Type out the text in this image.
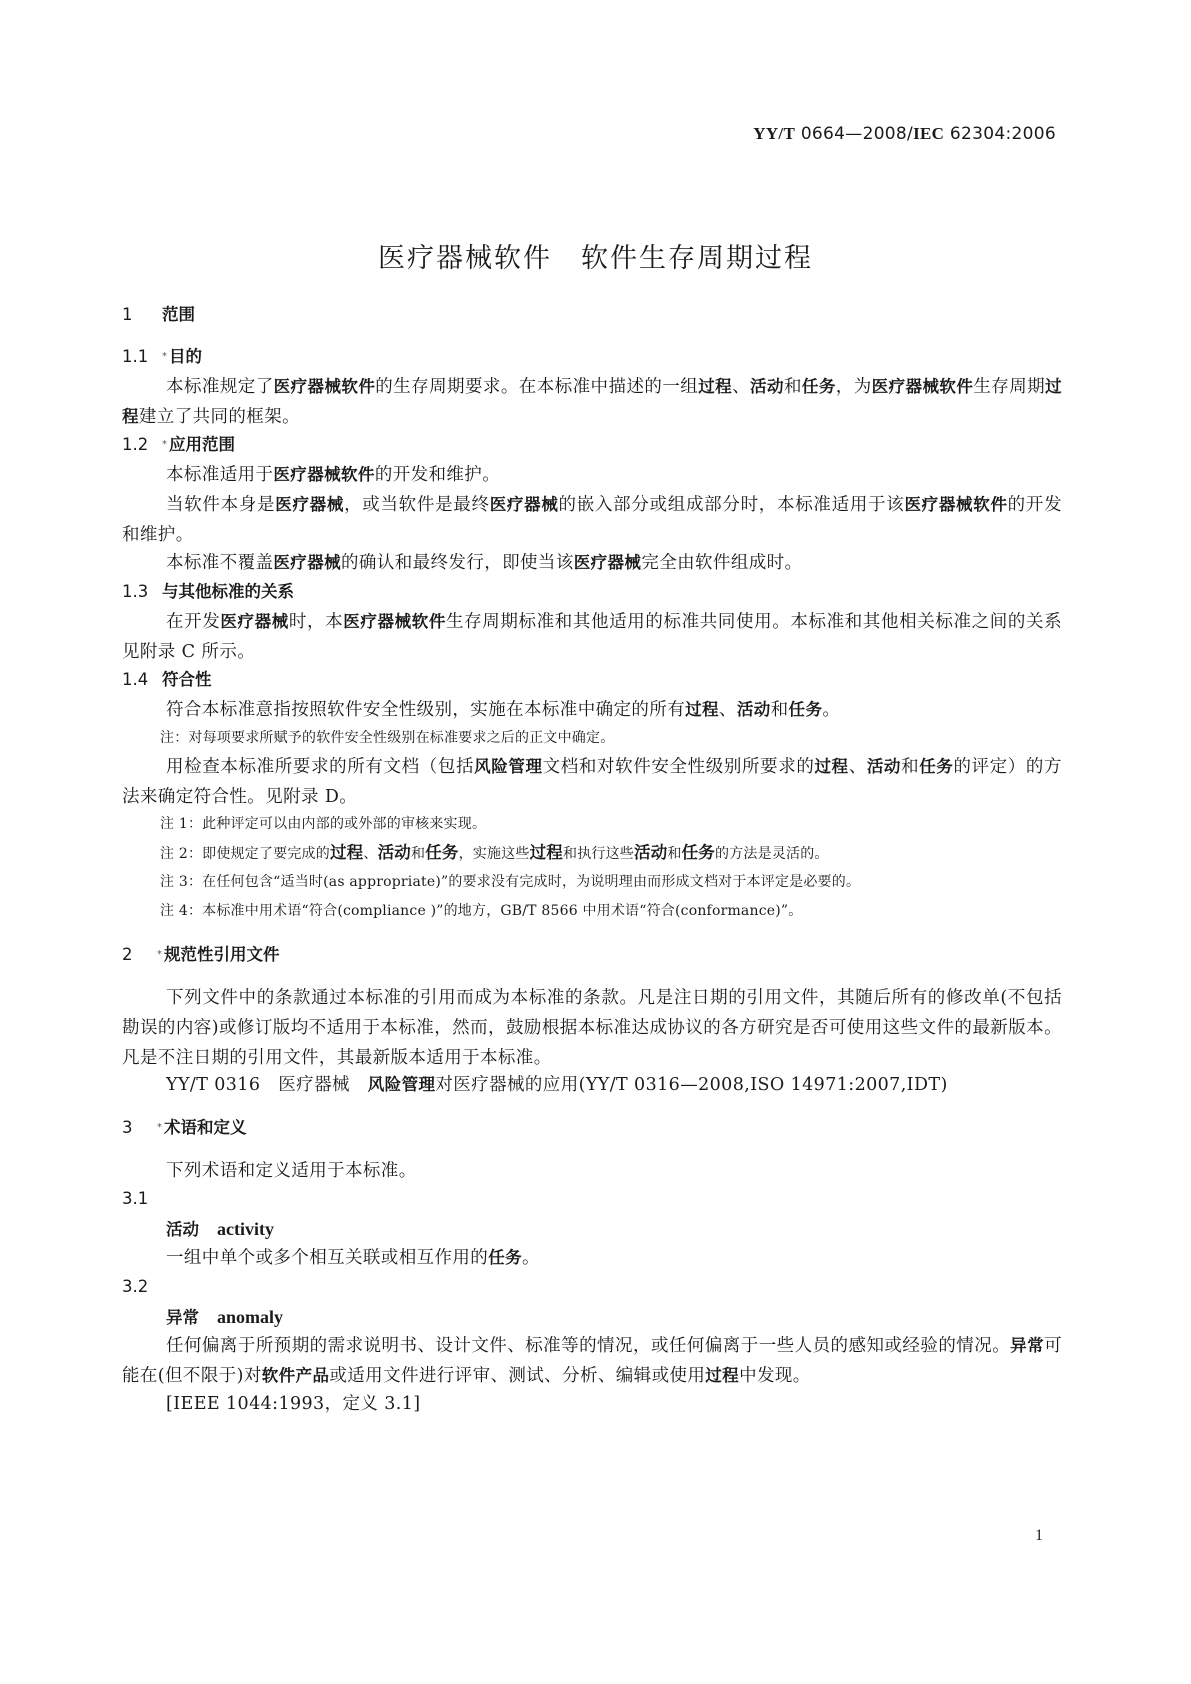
YY/T 0664—2008/IEC 62304:2006
医疗器械软件　软件生存周期过程
1 范围
1.1 * 目的
本标准规定了医疗器械软件的生存周期要求。在本标准中描述的一组过程、活动和任务，为医疗器械软件生存周期过程建立了共同的框架。
1.2 * 应用范围
本标准适用于医疗器械软件的开发和维护。
当软件本身是医疗器械，或当软件是最终医疗器械的嵌入部分或组成部分时，本标准适用于该医疗器械软件的开发和维护。
本标准不覆盖医疗器械的确认和最终发行，即使当该医疗器械完全由软件组成时。
1.3 与其他标准的关系
在开发医疗器械时，本医疗器械软件生存周期标准和其他适用的标准共同使用。本标准和其他相关标准之间的关系见附录 C 所示。
1.4 符合性
符合本标准意指按照软件安全性级别，实施在本标准中确定的所有过程、活动和任务。
注：对每项要求所赋予的软件安全性级别在标准要求之后的正文中确定。
用检查本标准所要求的所有文档（包括风险管理文档和对软件安全性级别所要求的过程、活动和任务的评定）的方法来确定符合性。见附录 D。
注 1：此种评定可以由内部的或外部的审核来实现。
注 2：即使规定了要完成的过程、活动和任务，实施这些过程和执行这些活动和任务的方法是灵活的。
注 3：在任何包含“适当时(as appropriate)”的要求没有完成时，为说明理由而形成文档对于本评定是必要的。
注 4：本标准中用术语“符合(compliance )”的地方，GB/T 8566 中用术语“符合(conformance)”。
2 * 规范性引用文件
下列文件中的条款通过本标准的引用而成为本标准的条款。凡是注日期的引用文件，其随后所有的修改单(不包括勘误的内容)或修订版均不适用于本标准，然而，鼓励根据本标准达成协议的各方研究是否可使用这些文件的最新版本。凡是不注日期的引用文件，其最新版本适用于本标准。
YY/T 0316　医疗器械　风险管理对医疗器械的应用(YY/T 0316—2008,ISO 14971:2007,IDT)
3 * 术语和定义
下列术语和定义适用于本标准。
3.1
活动 activity
一组中单个或多个相互关联或相互作用的任务。
3.2
异常 anomaly
任何偏离于所预期的需求说明书、设计文件、标准等的情况，或任何偏离于一些人员的感知或经验的情况。异常可能在(但不限于)对软件产品或适用文件进行评审、测试、分析、编辑或使用过程中发现。
[IEEE 1044:1993，定义 3.1]
1
